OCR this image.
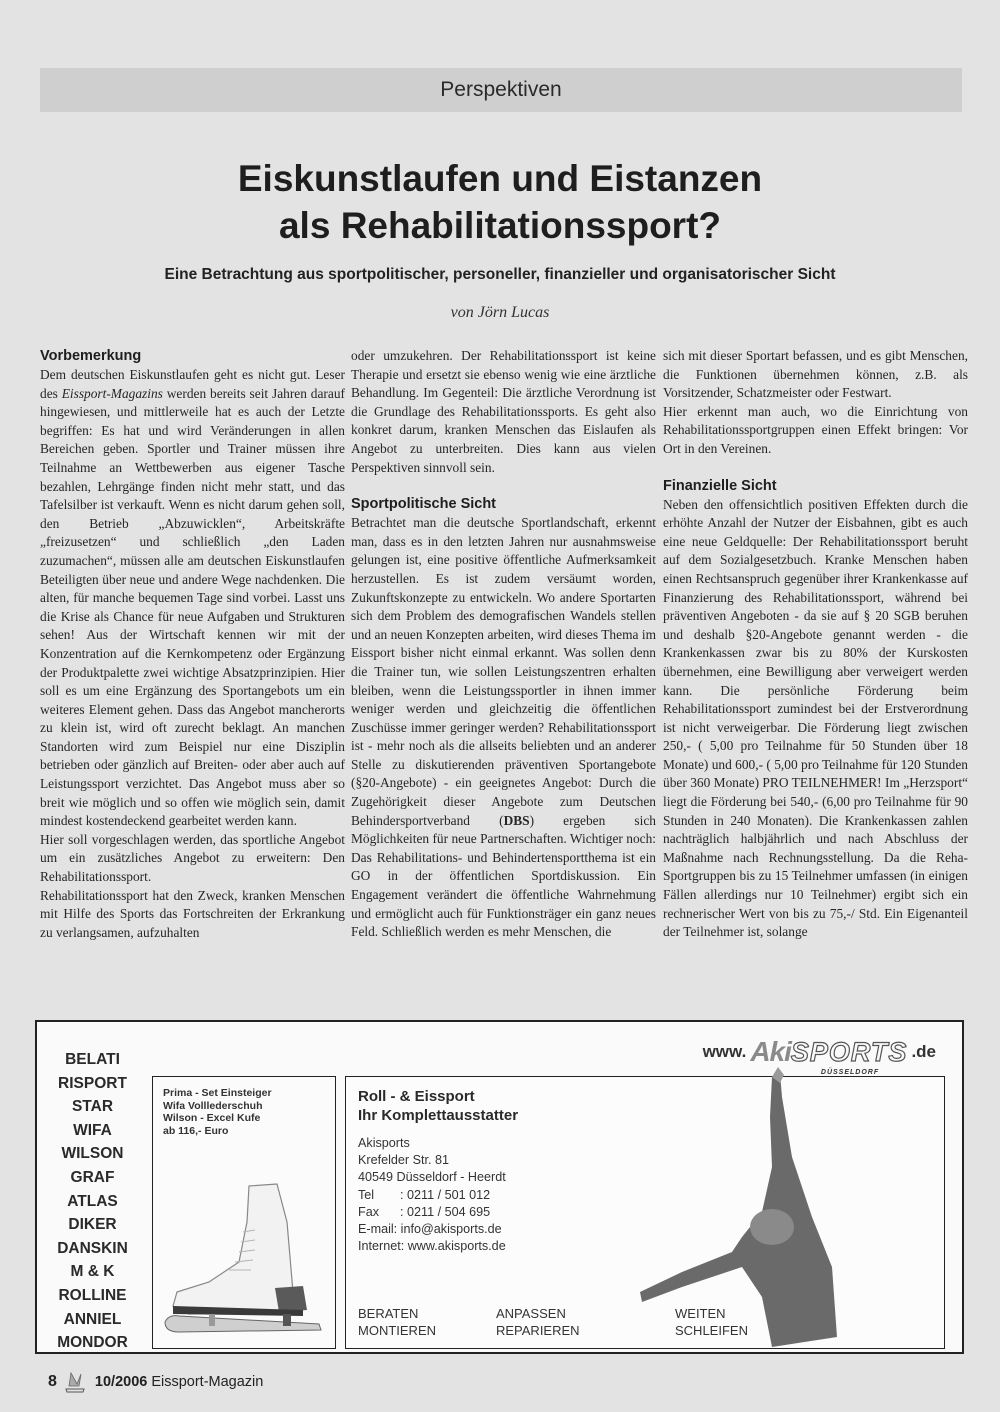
Perspektiven
Eiskunstlaufen und Eistanzen
als Rehabilitationssport?
Eine Betrachtung aus sportpolitischer, personeller, finanzieller und organisatorischer Sicht
von Jörn Lucas
Vorbemerkung

Dem deutschen Eiskunstlaufen geht es nicht gut. Leser des Eissport-Magazins werden bereits seit Jahren darauf hingewiesen, und mittlerweile hat es auch der Letzte begriffen: Es hat und wird Veränderungen in allen Bereichen geben. Sportler und Trainer müssen ihre Teilnahme an Wettbewerben aus eigener Tasche bezahlen, Lehrgänge finden nicht mehr statt, und das Tafelsilber ist verkauft. Wenn es nicht darum gehen soll, den Betrieb „Abzuwicklen“, Arbeitskräfte „freizusetzen“ und schließlich „den Laden zuzumachen“, müssen alle am deutschen Eiskunstlaufen Beteiligten über neue und andere Wege nachdenken. Die alten, für manche bequemen Tage sind vorbei. Lasst uns die Krise als Chance für neue Aufgaben und Strukturen sehen! Aus der Wirtschaft kennen wir mit der Konzentration auf die Kernkompetenz oder Ergänzung der Produktpalette zwei wichtige Absatzprinzipien. Hier soll es um eine Ergänzung des Sportangebots um ein weiteres Element gehen. Dass das Angebot mancherorts zu klein ist, wird oft zurecht beklagt. An manchen Standorten wird zum Beispiel nur eine Disziplin betrieben oder gänzlich auf Breiten- oder aber auch auf Leistungssport verzichtet. Das Angebot muss aber so breit wie möglich und so offen wie möglich sein, damit mindest kostendeckend gearbeitet werden kann.

Hier soll vorgeschlagen werden, das sportliche Angebot um ein zusätzliches Angebot zu erweitern: Den Rehabilitationssport.

Rehabilitationssport hat den Zweck, kranken Menschen mit Hilfe des Sports das Fortschreiten der Erkrankung zu verlangsamen, aufzuhalten

oder umzukehren. Der Rehabilitationssport ist keine Therapie und ersetzt sie ebenso wenig wie eine ärztliche Behandlung. Im Gegenteil: Die ärztliche Verordnung ist die Grundlage des Rehabilitationssports. Es geht also konkret darum, kranken Menschen das Eislaufen als Angebot zu unterbreiten. Dies kann aus vielen Perspektiven sinnvoll sein.

Sportpolitische Sicht

Betrachtet man die deutsche Sportlandschaft, erkennt man, dass es in den letzten Jahren nur ausnahmsweise gelungen ist, eine positive öffentliche Aufmerksamkeit herzustellen. Es ist zudem versäumt worden, Zukunftskonzepte zu entwickeln. Wo andere Sportarten sich dem Problem des demografischen Wandels stellen und an neuen Konzepten arbeiten, wird dieses Thema im Eissport bisher nicht einmal erkannt. Was sollen denn die Trainer tun, wie sollen Leistungszentren erhalten bleiben, wenn die Leistungssportler in ihnen immer weniger werden und gleichzeitig die öffentlichen Zuschüsse immer geringer werden? Rehabilitationssport ist - mehr noch als die allseits beliebten und an anderer Stelle zu diskutierenden präventiven Sportangebote (§20-Angebote) - ein geeignetes Angebot: Durch die Zugehörigkeit dieser Angebote zum Deutschen Behindersportverband (DBS) ergeben sich Möglichkeiten für neue Partnerschaften. Wichtiger noch: Das Rehabilitations- und Behindertensportthema ist ein GO in der öffentlichen Sportdiskussion. Ein Engagement verändert die öffentliche Wahrnehmung und ermöglicht auch für Funktionsträger ein ganz neues Feld. Schließlich werden es mehr Menschen, die

sich mit dieser Sportart befassen, und es gibt Menschen, die Funktionen übernehmen können, z.B. als Vorsitzender, Schatzmeister oder Festwart.

Hier erkennt man auch, wo die Einrichtung von Rehabilitationssportgruppen einen Effekt bringen: Vor Ort in den Vereinen.

Finanzielle Sicht

Neben den offensichtlich positiven Effekten durch die erhöhte Anzahl der Nutzer der Eisbahnen, gibt es auch eine neue Geldquelle: Der Rehabilitationssport beruht auf dem Sozialgesetzbuch. Kranke Menschen haben einen Rechtsanspruch gegenüber ihrer Krankenkasse auf Finanzierung des Rehabilitationssport, während bei präventiven Angeboten - da sie auf § 20 SGB beruhen und deshalb §20-Angebote genannt werden - die Krankenkassen zwar bis zu 80% der Kurskosten übernehmen, eine Bewilligung aber verweigert werden kann. Die persönliche Förderung beim Rehabilitationssport zumindest bei der Erstverordnung ist nicht verweigerbar. Die Förderung liegt zwischen 250,- ( 5,00 pro Teilnahme für 50 Stunden über 18 Monate) und 600,- ( 5,00 pro Teilnahme für 120 Stunden über 360 Monate) PRO TEILNEHMER! Im „Herzsport“ liegt die Förderung bei 540,- (6,00 pro Teilnahme für 90 Stunden in 240 Monaten). Die Krankenkassen zahlen nachträglich halbjährlich und nach Abschluss der Maßnahme nach Rechnungsstellung. Da die Reha-Sportgruppen bis zu 15 Teilnehmer umfassen (in einigen Fällen allerdings nur 10 Teilnehmer) ergibt sich ein rechnerischer Wert von bis zu 75,-/ Std. Ein Eigenanteil der Teilnehmer ist, solange

BELATI
RISPORT
STAR
WIFA
WILSON
GRAF
ATLAS
DIKER
DANSKIN
M & K
ROLLINE
ANNIEL
MONDOR
Prima - Set Einsteiger
Wifa Volllederschuh
Wilson - Excel Kufe
ab 116,- Euro
Roll - & Eissport
Ihr Komplettausstatter
Akisports
Krefelder Str. 81
40549 Düsseldorf - Heerdt
Tel : 0211 / 501 012
Fax : 0211 / 504 695
E-mail: info@akisports.de
Internet: www.akisports.de
BERATEN
MONTIEREN
ANPASSEN
REPARIEREN
www. Aki SPORTS
DÜSSELDORF
.de
WEITEN
SCHLEIFEN
8	10/2006 Eissport-Magazin
